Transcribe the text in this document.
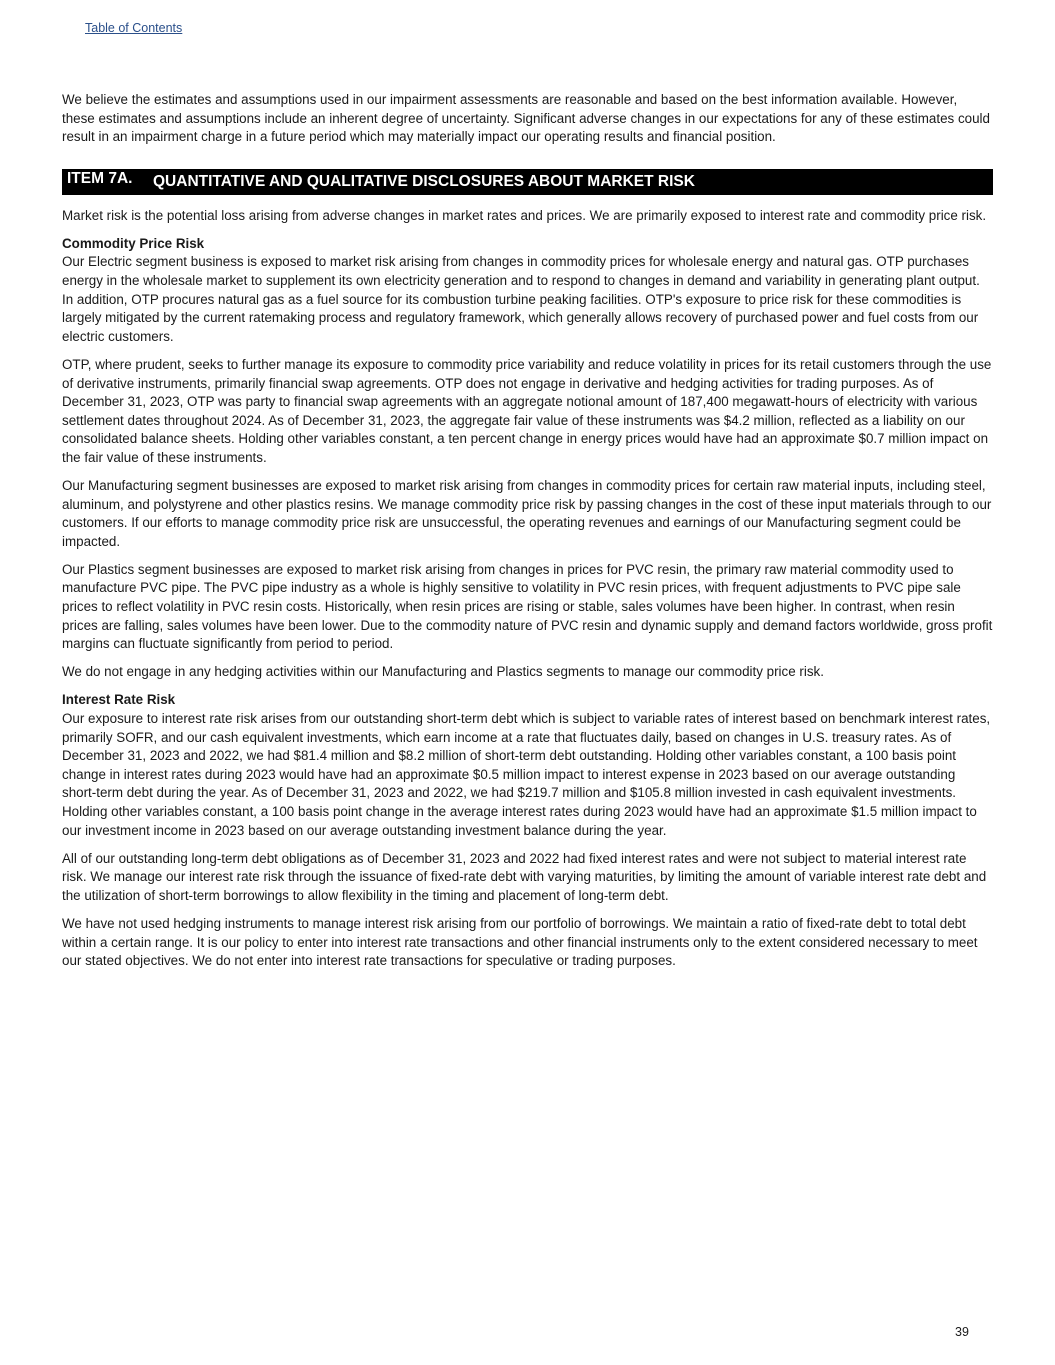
Table of Contents

We believe the estimates and assumptions used in our impairment assessments are reasonable and based on the best information available. However, these estimates and assumptions include an inherent degree of uncertainty. Significant adverse changes in our expectations for any of these estimates could result in an impairment charge in a future period which may materially impact our operating results and financial position.

ITEM 7A.	QUANTITATIVE AND QUALITATIVE DISCLOSURES ABOUT MARKET RISK

Market risk is the potential loss arising from adverse changes in market rates and prices. We are primarily exposed to interest rate and commodity price risk.

Commodity Price Risk
Our Electric segment business is exposed to market risk arising from changes in commodity prices for wholesale energy and natural gas. OTP purchases energy in the wholesale market to supplement its own electricity generation and to respond to changes in demand and variability in generating plant output. In addition, OTP procures natural gas as a fuel source for its combustion turbine peaking facilities. OTP's exposure to price risk for these commodities is largely mitigated by the current ratemaking process and regulatory framework, which generally allows recovery of purchased power and fuel costs from our electric customers.

OTP, where prudent, seeks to further manage its exposure to commodity price variability and reduce volatility in prices for its retail customers through the use of derivative instruments, primarily financial swap agreements. OTP does not engage in derivative and hedging activities for trading purposes. As of December 31, 2023, OTP was party to financial swap agreements with an aggregate notional amount of 187,400 megawatt-hours of electricity with various settlement dates throughout 2024. As of December 31, 2023, the aggregate fair value of these instruments was $4.2 million, reflected as a liability on our consolidated balance sheets. Holding other variables constant, a ten percent change in energy prices would have had an approximate $0.7 million impact on the fair value of these instruments.

Our Manufacturing segment businesses are exposed to market risk arising from changes in commodity prices for certain raw material inputs, including steel, aluminum, and polystyrene and other plastics resins. We manage commodity price risk by passing changes in the cost of these input materials through to our customers. If our efforts to manage commodity price risk are unsuccessful, the operating revenues and earnings of our Manufacturing segment could be impacted.

Our Plastics segment businesses are exposed to market risk arising from changes in prices for PVC resin, the primary raw material commodity used to manufacture PVC pipe. The PVC pipe industry as a whole is highly sensitive to volatility in PVC resin prices, with frequent adjustments to PVC pipe sale prices to reflect volatility in PVC resin costs. Historically, when resin prices are rising or stable, sales volumes have been higher. In contrast, when resin prices are falling, sales volumes have been lower. Due to the commodity nature of PVC resin and dynamic supply and demand factors worldwide, gross profit margins can fluctuate significantly from period to period.

We do not engage in any hedging activities within our Manufacturing and Plastics segments to manage our commodity price risk.

Interest Rate Risk
Our exposure to interest rate risk arises from our outstanding short-term debt which is subject to variable rates of interest based on benchmark interest rates, primarily SOFR, and our cash equivalent investments, which earn income at a rate that fluctuates daily, based on changes in U.S. treasury rates. As of December 31, 2023 and 2022, we had $81.4 million and $8.2 million of short-term debt outstanding. Holding other variables constant, a 100 basis point change in interest rates during 2023 would have had an approximate $0.5 million impact to interest expense in 2023 based on our average outstanding short-term debt during the year. As of December 31, 2023 and 2022, we had $219.7 million and $105.8 million invested in cash equivalent investments. Holding other variables constant, a 100 basis point change in the average interest rates during 2023 would have had an approximate $1.5 million impact to our investment income in 2023 based on our average outstanding investment balance during the year.

All of our outstanding long-term debt obligations as of December 31, 2023 and 2022 had fixed interest rates and were not subject to material interest rate risk. We manage our interest rate risk through the issuance of fixed-rate debt with varying maturities, by limiting the amount of variable interest rate debt and the utilization of short-term borrowings to allow flexibility in the timing and placement of long-term debt.

We have not used hedging instruments to manage interest risk arising from our portfolio of borrowings. We maintain a ratio of fixed-rate debt to total debt within a certain range. It is our policy to enter into interest rate transactions and other financial instruments only to the extent considered necessary to meet our stated objectives. We do not enter into interest rate transactions for speculative or trading purposes.

39
